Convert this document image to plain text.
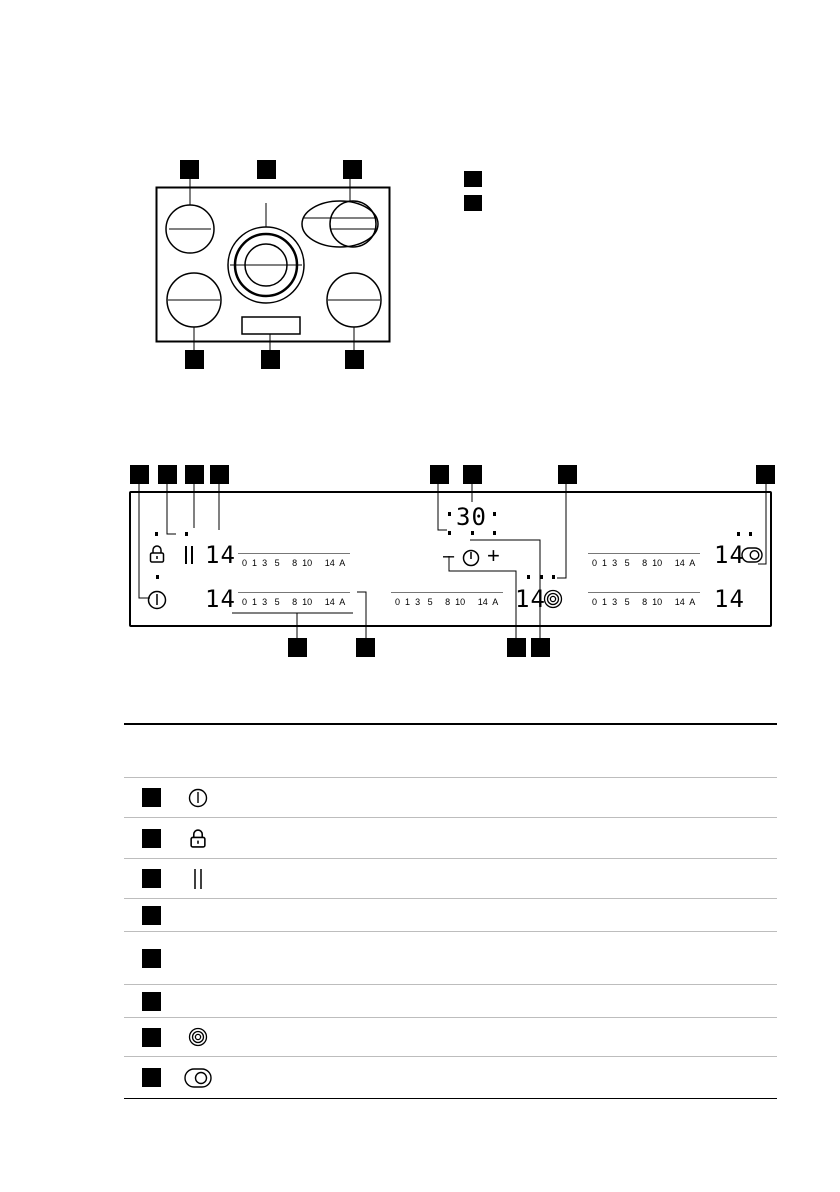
14
14
0 1 3 5 8 10 14 A
0 1 3 5 8 10 14 A	0 1 3 5 8 10 14 A
0 1 3 5 8 10 14 A
0 1 3 5 8 10 14 A
30
– +
14
14
14
